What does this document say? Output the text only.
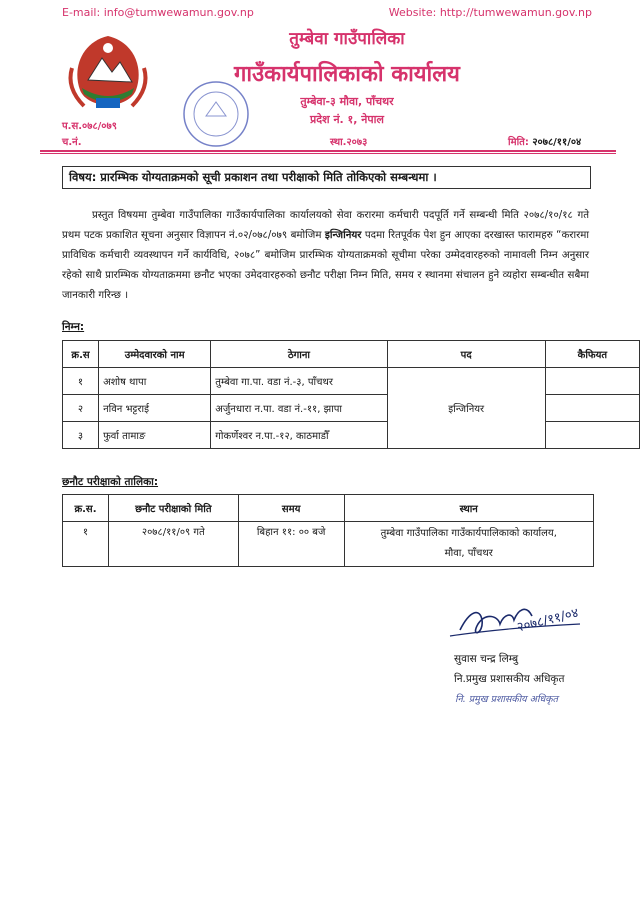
E-mail: info@tumwewamun.gov.np	Website: http://tumwewamun.gov.np
तुम्बेवा गाउँपालिका
गाउँकार्यपालिकाको कार्यालय
तुम्बेवा-३ मौवा, पाँचथर
प्रदेश नं. १, नेपाल
प.स.०७८/०७९
च.नं.	स्था.२०७३	मिति: २०७८/११/०४
विषय: प्रारम्भिक योग्यताक्रमको सूची प्रकाशन तथा परीक्षाको मिति तोकिएको सम्बन्धमा ।
प्रस्तुत विषयमा तुम्बेवा गाउँपालिका गाउँकार्यपालिका कार्यालयको सेवा करारमा कर्मचारी पदपूर्ति गर्ने सम्बन्धी मिति २०७८/१०/१८ गते प्रथम पटक प्रकाशित सूचना अनुसार विज्ञापन नं.०२/०७८/०७९ बमोजिम इन्जिनियर पदमा रितपूर्वक पेश हुन आएका दरखास्त फारामहरु “करारमा प्राविधिक कर्मचारी व्यवस्थापन गर्ने कार्यविधि, २०७८” बमोजिम प्रारम्भिक योग्यताक्रमको सूचीमा परेका उम्मेदवारहरुको नामावली निम्न अनुसार रहेको साथै प्रारम्भिक योग्यताक्रममा छनौट भएका उमेदवारहरुको छनौट परीक्षा निम्न मिति, समय र स्थानमा संचालन हुने व्यहोरा सम्बन्धीत सबैमा जानकारी गरिन्छ ।
निम्न:
क्र.स	उम्मेदवारको नाम	ठेगाना	पद	कैफियत
१	अशोष थापा	तुम्बेवा गा.पा. वडा नं.-३, पाँचथर	इन्जिनियर	
२	नविन भट्टराई	अर्जुनधारा न.पा. वडा नं.-११, झापा		
३	फुर्वा तामाङ	गोकर्णेश्वर न.पा.-१२, काठमाडौँ		
छनौट परीक्षाको तालिका:
क्र.स.	छनौट परीक्षाको मिति	समय	स्थान
१	२०७८/११/०९ गते	बिहान ११: ०० बजे	तुम्बेवा गाउँपालिका गाउँकार्यपालिकाको कार्यालय,
मौवा, पाँचथर
२०७८/११/०४
सुवास चन्द्र लिम्बु
नि.प्रमुख प्रशासकीय अधिकृत
नि. प्रमुख प्रशासकीय अधिकृत
